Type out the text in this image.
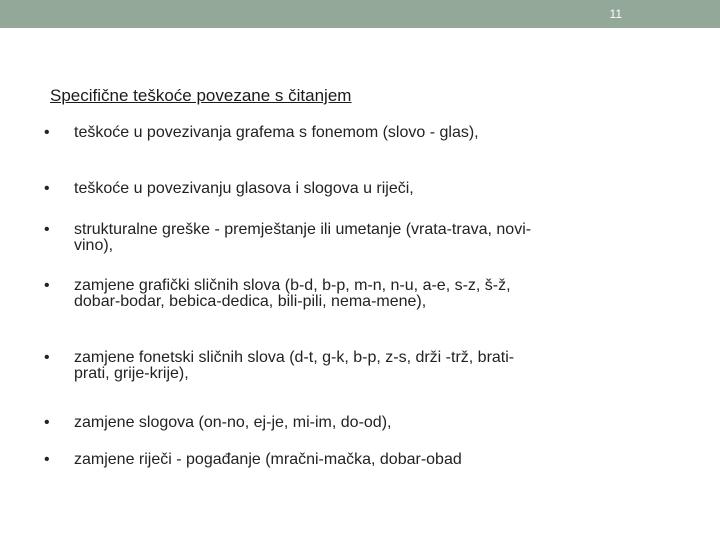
11
Specifične teškoće povezane s čitanjem
•	teškoće u povezivanja grafema s fonemom (slovo - glas),
•	teškoće u povezivanju glasova i slogova u riječi,
•	strukturalne greške - premještanje ili umetanje (vrata-trava, novi-vino),
•	zamjene grafički sličnih slova (b-d, b-p, m-n, n-u, a-e, s-z, š-ž, dobar-bodar, bebica-dedica, bili-pili, nema-mene),
•	zamjene fonetski sličnih slova (d-t, g-k, b-p, z-s, drži -trž, brati-prati, grije-krije),
•	zamjene slogova (on-no, ej-je, mi-im, do-od),
•	zamjene riječi - pogađanje (mračni-mačka, dobar-obad
